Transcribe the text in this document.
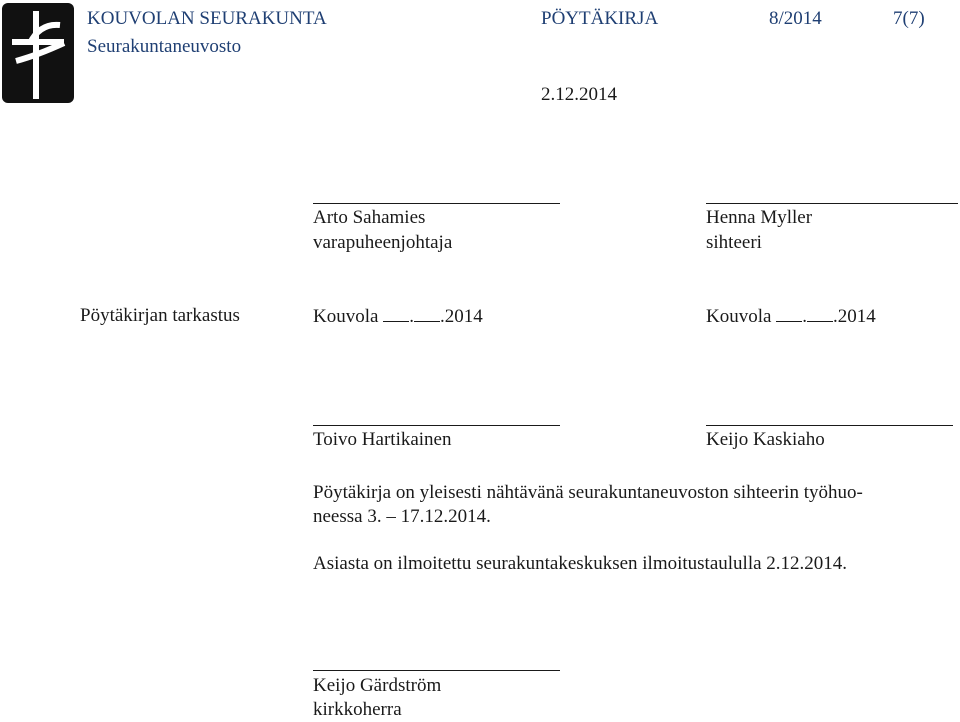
KOUVOLAN SEURAKUNTA
Seurakuntaneuvosto
PÖYTÄKIRJA	8/2014	7(7)
2.12.2014
Arto Sahamies
varapuheenjohtaja
Henna Myller
sihteeri
Pöytäkirjan tarkastus	Kouvola . .2014	Kouvola . .2014
Toivo Hartikainen	Keijo Kaskiaho
Pöytäkirja on yleisesti nähtävänä seurakuntaneuvoston sihteerin työhuo-
neessa 3. – 17.12.2014.
Asiasta on ilmoitettu seurakuntakeskuksen ilmoitustaululla 2.12.2014.
Keijo Gärdström
kirkkoherra
